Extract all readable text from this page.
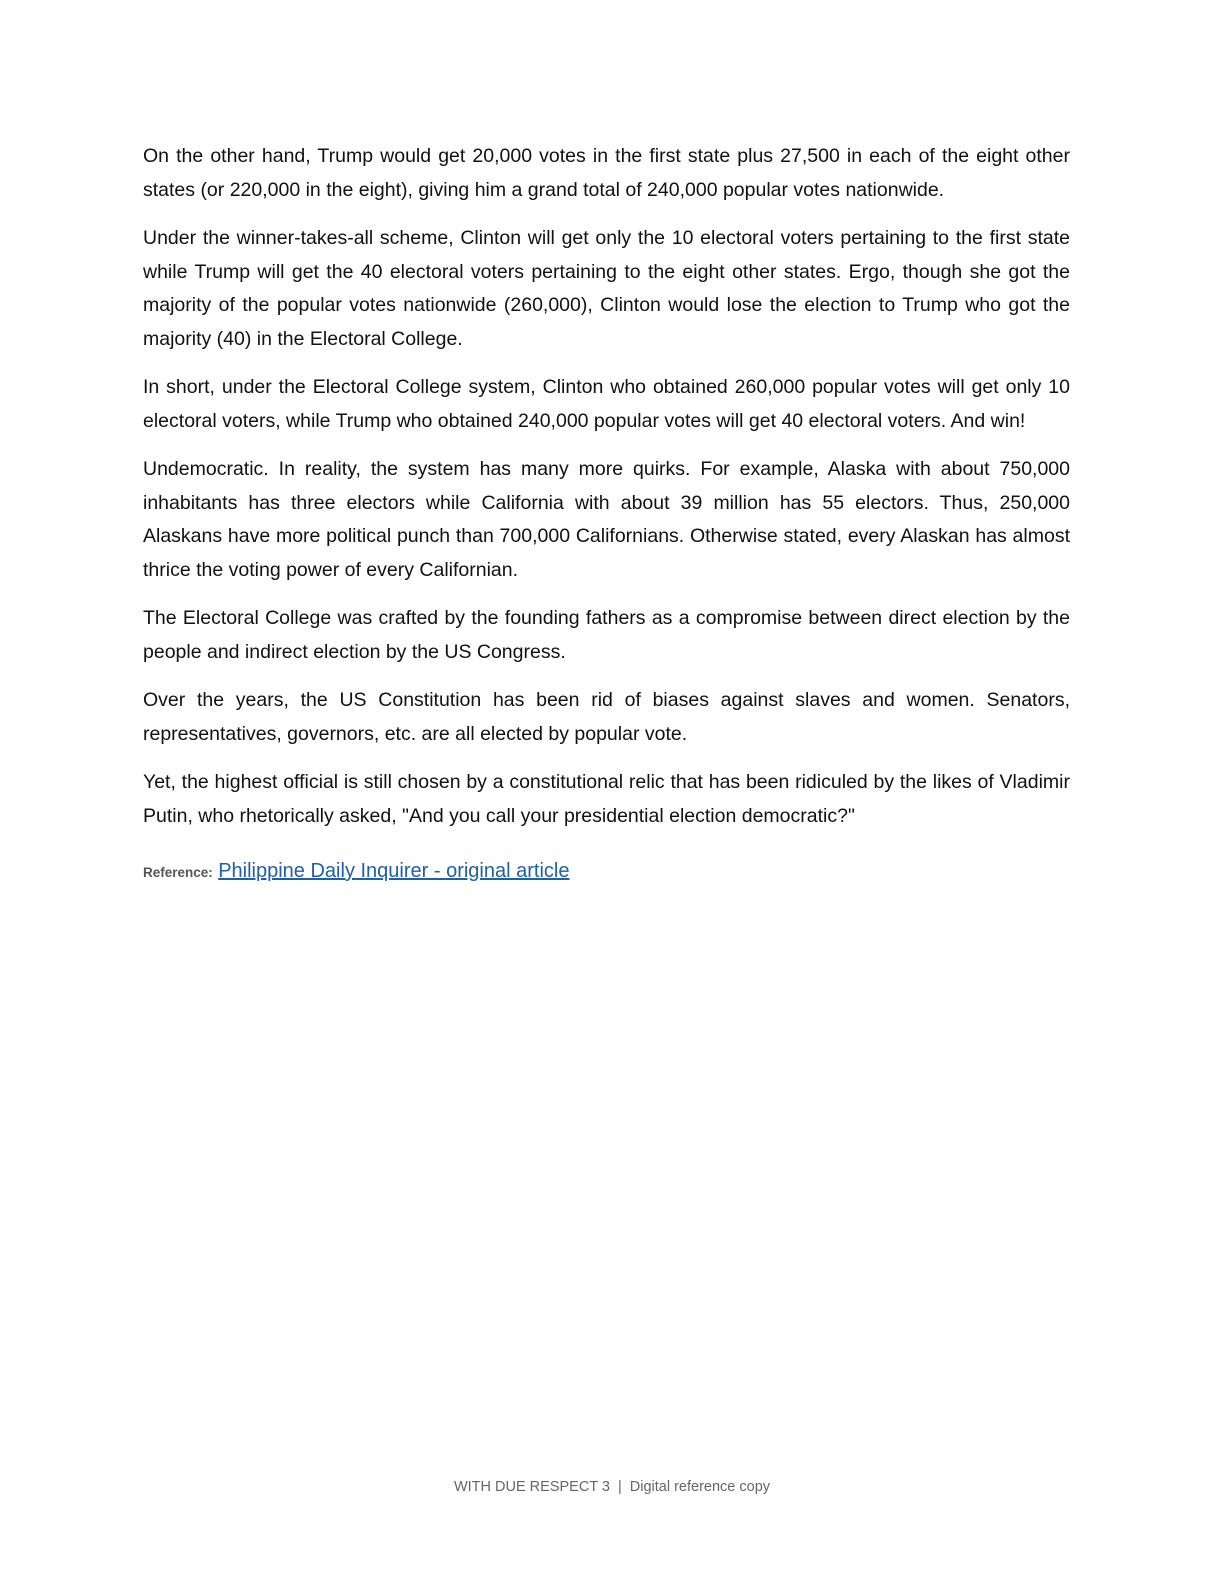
On the other hand, Trump would get 20,000 votes in the first state plus 27,500 in each of the eight other states (or 220,000 in the eight), giving him a grand total of 240,000 popular votes nationwide.

Under the winner-takes-all scheme, Clinton will get only the 10 electoral voters pertaining to the first state while Trump will get the 40 electoral voters pertaining to the eight other states. Ergo, though she got the majority of the popular votes nationwide (260,000), Clinton would lose the election to Trump who got the majority (40) in the Electoral College.

In short, under the Electoral College system, Clinton who obtained 260,000 popular votes will get only 10 electoral voters, while Trump who obtained 240,000 popular votes will get 40 electoral voters. And win!

Undemocratic. In reality, the system has many more quirks. For example, Alaska with about 750,000 inhabitants has three electors while California with about 39 million has 55 electors. Thus, 250,000 Alaskans have more political punch than 700,000 Californians. Otherwise stated, every Alaskan has almost thrice the voting power of every Californian.

The Electoral College was crafted by the founding fathers as a compromise between direct election by the people and indirect election by the US Congress.

Over the years, the US Constitution has been rid of biases against slaves and women. Senators, representatives, governors, etc. are all elected by popular vote.

Yet, the highest official is still chosen by a constitutional relic that has been ridiculed by the likes of Vladimir Putin, who rhetorically asked, "And you call your presidential election democratic?"

Reference: Philippine Daily Inquirer - original article
WITH DUE RESPECT 3 | Digital reference copy
